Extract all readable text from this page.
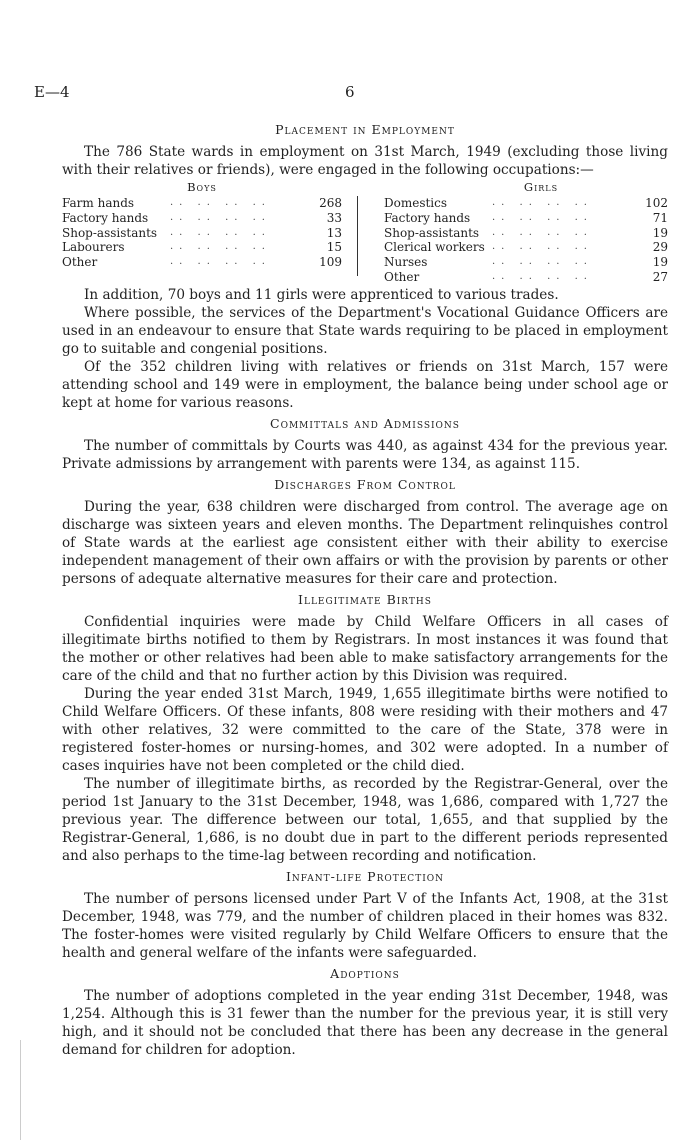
E—4	6
Placement in Employment

The 786 State wards in employment on 31st March, 1949 (excluding those living with their relatives or friends), were engaged in the following occupations:—

Boys
Farm hands	.. .. .. ..	268
Factory hands	.. .. .. ..	33
Shop-assistants	.. .. .. ..	13
Labourers	.. .. .. ..	15
Other	.. .. .. ..	109
Girls
Domestics	.. .. .. ..	102
Factory hands	.. .. .. ..	71
Shop-assistants	.. .. .. ..	19
Clerical workers .. .. .. ..	29
Nurses	.. .. .. ..	19
Other	.. .. .. ..	27

In addition, 70 boys and 11 girls were apprenticed to various trades.

Where possible, the services of the Department's Vocational Guidance Officers are used in an endeavour to ensure that State wards requiring to be placed in employment go to suitable and congenial positions.

Of the 352 children living with relatives or friends on 31st March, 157 were attending school and 149 were in employment, the balance being under school age or kept at home for various reasons.

Committals and Admissions

The number of committals by Courts was 440, as against 434 for the previous year. Private admissions by arrangement with parents were 134, as against 115.

Discharges From Control

During the year, 638 children were discharged from control. The average age on discharge was sixteen years and eleven months. The Department relinquishes control of State wards at the earliest age consistent either with their ability to exercise independent management of their own affairs or with the provision by parents or other persons of adequate alternative measures for their care and protection.

Illegitimate Births

Confidential inquiries were made by Child Welfare Officers in all cases of illegitimate births notified to them by Registrars. In most instances it was found that the mother or other relatives had been able to make satisfactory arrangements for the care of the child and that no further action by this Division was required.

During the year ended 31st March, 1949, 1,655 illegitimate births were notified to Child Welfare Officers. Of these infants, 808 were residing with their mothers and 47 with other relatives, 32 were committed to the care of the State, 378 were in registered foster-homes or nursing-homes, and 302 were adopted. In a number of cases inquiries have not been completed or the child died.

The number of illegitimate births, as recorded by the Registrar-General, over the period 1st January to the 31st December, 1948, was 1,686, compared with 1,727 the previous year. The difference between our total, 1,655, and that supplied by the Registrar-General, 1,686, is no doubt due in part to the different periods represented and also perhaps to the time-lag between recording and notification.

Infant-life Protection

The number of persons licensed under Part V of the Infants Act, 1908, at the 31st December, 1948, was 779, and the number of children placed in their homes was 832. The foster-homes were visited regularly by Child Welfare Officers to ensure that the health and general welfare of the infants were safeguarded.

Adoptions

The number of adoptions completed in the year ending 31st December, 1948, was 1,254. Although this is 31 fewer than the number for the previous year, it is still very high, and it should not be concluded that there has been any decrease in the general demand for children for adoption.
